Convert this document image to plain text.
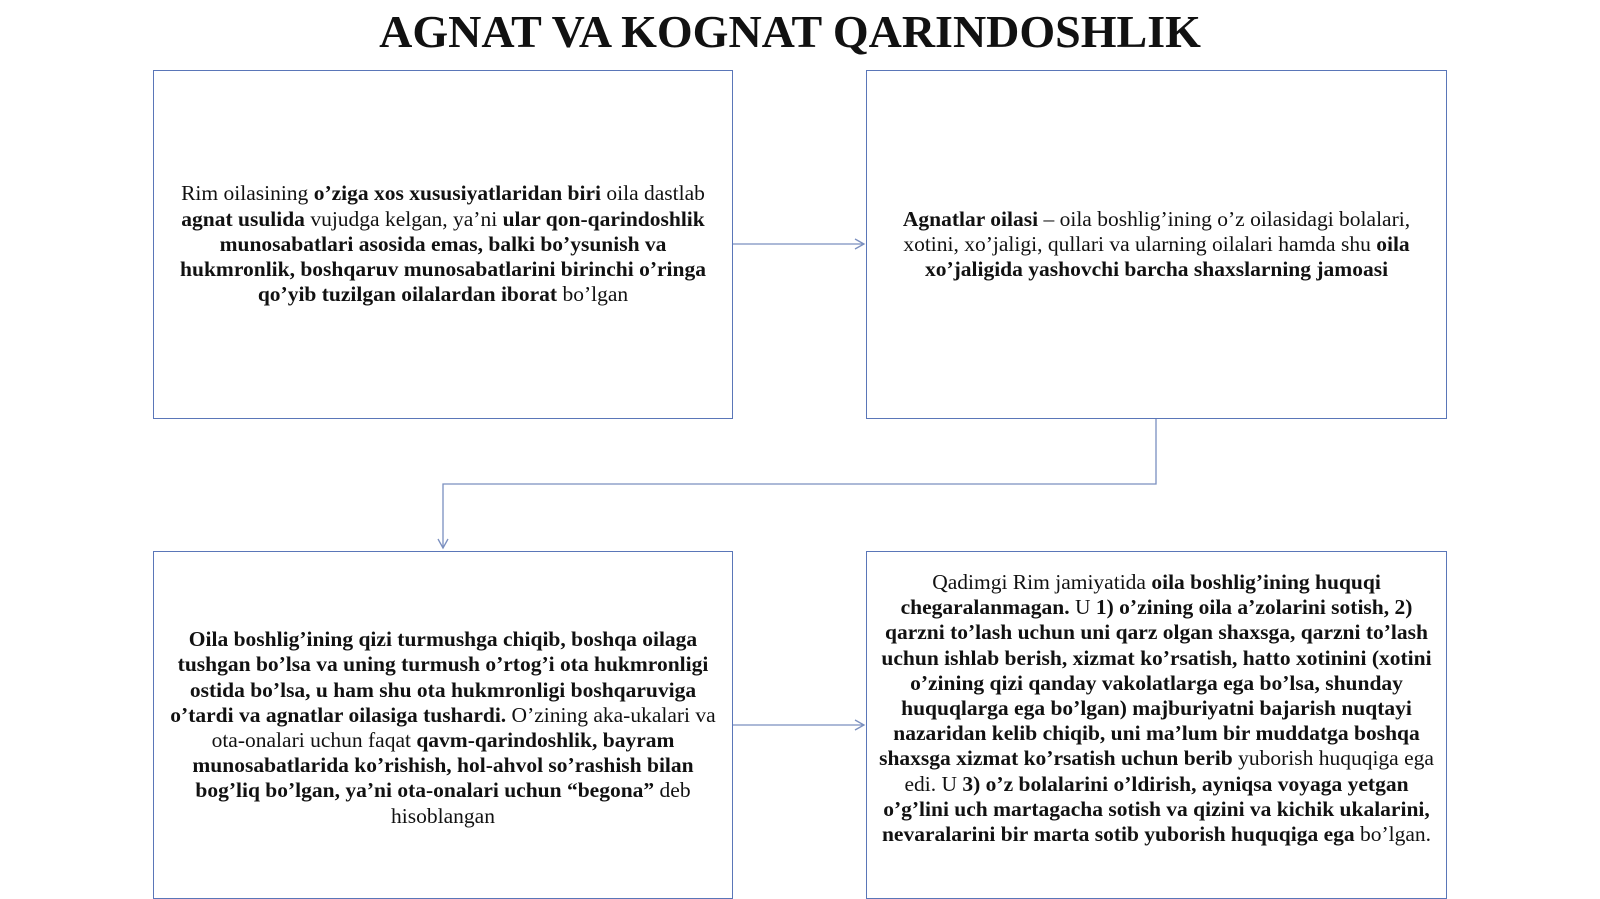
AGNAT VA KOGNAT QARINDOSHLIK
Rim oilasining o’ziga xos xususiyatlaridan biri oila dastlab agnat usulida vujudga kelgan, ya’ni ular qon-qarindoshlik munosabatlari asosida emas, balki bo’ysunish va hukmronlik, boshqaruv munosabatlarini birinchi o’ringa qo’yib tuzilgan oilalardan iborat bo’lgan
Agnatlar oilasi – oila boshlig’ining o’z oilasidagi bolalari, xotini, xo’jaligi, qullari va ularning oilalari hamda shu oila xo’jaligida yashovchi barcha shaxslarning jamoasi
Oila boshlig’ining qizi turmushga chiqib, boshqa oilaga tushgan bo’lsa va uning turmush o’rtog’i ota hukmronligi ostida bo’lsa, u ham shu ota hukmronligi boshqaruviga o’tardi va agnatlar oilasiga tushardi. O’zining aka-ukalari va ota-onalari uchun faqat qavm-qarindoshlik, bayram munosabatlarida ko’rishish, hol-ahvol so’rashish bilan bog’liq bo’lgan, ya’ni ota-onalari uchun “begona” deb hisoblangan
Qadimgi Rim jamiyatida oila boshlig’ining huquqi chegaralanmagan. U 1) o’zining oila a’zolarini sotish, 2) qarzni to’lash uchun uni qarz olgan shaxsga, qarzni to’lash uchun ishlab berish, xizmat ko’rsatish, hatto xotinini (xotini o’zining qizi qanday vakolatlarga ega bo’lsa, shunday huquqlarga ega bo’lgan) majburiyatni bajarish nuqtayi nazaridan kelib chiqib, uni ma’lum bir muddatga boshqa shaxsga xizmat ko’rsatish uchun berib yuborish huquqiga ega edi. U 3) o’z bolalarini o’ldirish, ayniqsa voyaga yetgan o’g’lini uch martagacha sotish va qizini va kichik ukalarini, nevaralarini bir marta sotib yuborish huquqiga ega bo’lgan.
